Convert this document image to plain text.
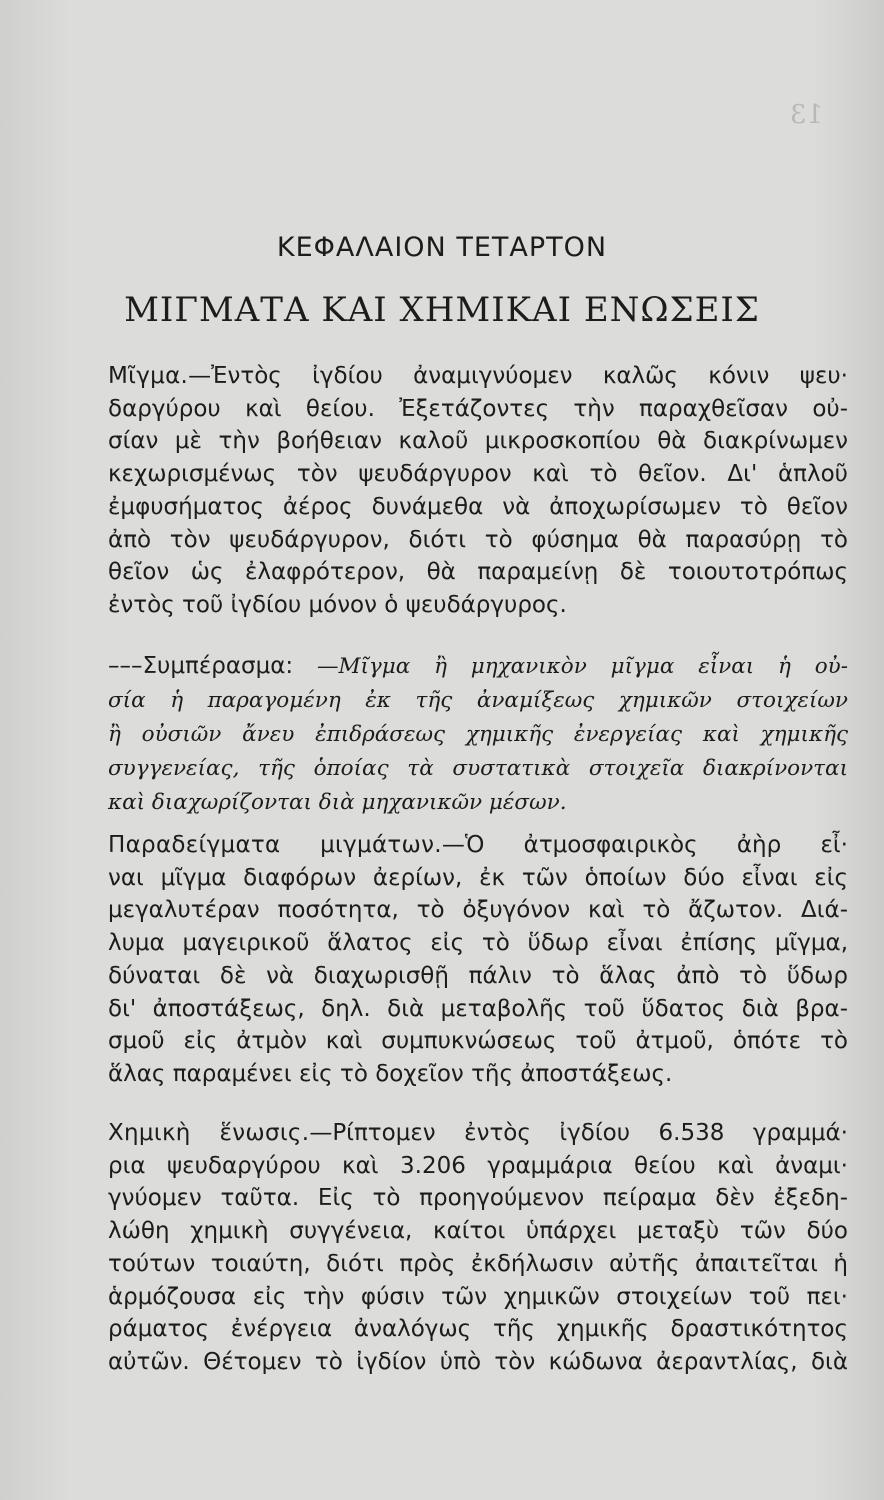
13
ΚΕΦΑΛΑΙΟΝ ΤΕΤΑΡΤΟΝ
ΜΙΓΜΑΤΑ ΚΑΙ ΧΗΜΙΚΑΙ ΕΝΩΣΕΙΣ
Μῖγμα.—Ἐντὸς ἰγδίου ἀναμιγνύομεν καλῶς κόνιν ψευ·
δαργύρου καὶ θείου. Ἐξετάζοντες τὴν παραχθεῖσαν οὐ-
σίαν μὲ τὴν βοήθειαν καλοῦ μικροσκοπίου θὰ διακρίνωμεν
κεχωρισμένως τὸν ψευδάργυρον καὶ τὸ θεῖον. Δι' ἁπλοῦ
ἐμφυσήματος ἀέρος δυνάμεθα νὰ ἀποχωρίσωμεν τὸ θεῖον
ἀπὸ τὸν ψευδάργυρον, διότι τὸ φύσημα θὰ παρασύρῃ τὸ
θεῖον ὡς ἐλαφρότερον, θὰ παραμείνῃ δὲ τοιουτοτρόπως
ἐντὸς τοῦ ἰγδίου μόνον ὁ ψευδάργυρος.
–––Συμπέρασμα: —Μῖγμα ἢ μηχανικὸν μῖγμα εἶναι ἡ οὐ-
σία ἡ παραγομένη ἐκ τῆς ἀναμίξεως χημικῶν στοιχείων
ἢ οὐσιῶν ἄνευ ἐπιδράσεως χημικῆς ἐνεργείας καὶ χημικῆς
συγγενείας, τῆς ὁποίας τὰ συστατικὰ στοιχεῖα διακρίνονται
καὶ διαχωρίζονται διὰ μηχανικῶν μέσων.
Παραδείγματα μιγμάτων.—Ὁ ἀτμοσφαιρικὸς ἀὴρ εἶ·
ναι μῖγμα διαφόρων ἀερίων, ἐκ τῶν ὁποίων δύο εἶναι εἰς
μεγαλυτέραν ποσότητα, τὸ ὀξυγόνον καὶ τὸ ἄζωτον. Διά-
λυμα μαγειρικοῦ ἅλατος εἰς τὸ ὕδωρ εἶναι ἐπίσης μῖγμα,
δύναται δὲ νὰ διαχωρισθῇ πάλιν τὸ ἅλας ἀπὸ τὸ ὕδωρ
δι' ἀποστάξεως, δηλ. διὰ μεταβολῆς τοῦ ὕδατος διὰ βρα-
σμοῦ εἰς ἀτμὸν καὶ συμπυκνώσεως τοῦ ἀτμοῦ, ὁπότε τὸ
ἅλας παραμένει εἰς τὸ δοχεῖον τῆς ἀποστάξεως.
Χημικὴ ἕνωσις.—Ρίπτομεν ἐντὸς ἰγδίου 6.538 γραμμά·
ρια ψευδαργύρου καὶ 3.206 γραμμάρια θείου καὶ ἀναμι·
γνύομεν ταῦτα. Εἰς τὸ προηγούμενον πείραμα δὲν ἐξεδη-
λώθη χημικὴ συγγένεια, καίτοι ὑπάρχει μεταξὺ τῶν δύο
τούτων τοιαύτη, διότι πρὸς ἐκδήλωσιν αὐτῆς ἀπαιτεῖται ἡ
ἁρμόζουσα εἰς τὴν φύσιν τῶν χημικῶν στοιχείων τοῦ πει·
ράματος ἐνέργεια ἀναλόγως τῆς χημικῆς δραστικότητος
αὐτῶν. Θέτομεν τὸ ἰγδίον ὑπὸ τὸν κώδωνα ἀεραντλίας, διὰ
